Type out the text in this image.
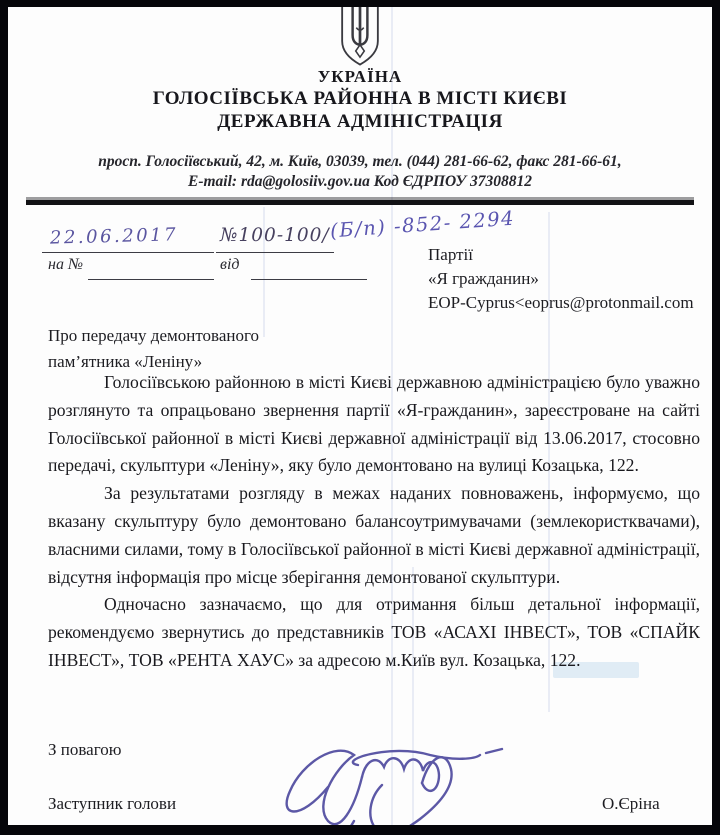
УКРАЇНА
ГОЛОСІЇВСЬКА РАЙОННА В МІСТІ КИЄВІ
ДЕРЖАВНА АДМІНІСТРАЦІЯ
просп. Голосіївський, 42, м. Київ, 03039, тел. (044) 281-66-62, факс 281-66-61,
E-mail: rda@golosiiv.gov.ua Код ЄДРПОУ 37308812
22.06.2017 №100-100/ (Б/п) -852- 2294
на №	від
Партії
«Я гражданин»
EOP-Cyprus<eoprus@protonmail.com
Про передачу демонтованого
пам’ятника «Леніну»

Голосіївською районною в місті Києві державною адміністрацією було уважно розглянуто та опрацьовано звернення партії «Я-гражданин», зареєстроване на сайті Голосіївської районної в місті Києві державної адміністрації від 13.06.2017, стосовно передачі, скульптури «Леніну», яку було демонтовано на вулиці Козацька, 122.

За результатами розгляду в межах наданих повноважень, інформуємо, що вказану скульптуру було демонтовано балансоутримувачами (землекористквачами), власними силами, тому в Голосіївської районної в місті Києві державної адміністрації, відсутня інформація про місце зберігання демонтованої скульптури.

Одночасно зазначаємо, що для отримання більш детальної інформації, рекомендуємо звернутись до представників ТОВ «АСАХІ ІНВЕСТ», ТОВ «СПАЙК ІНВЕСТ», ТОВ «РЕНТА ХАУС» за адресою м.Київ вул. Козацька, 122.

З повагою
Заступник голови	О.Єріна
